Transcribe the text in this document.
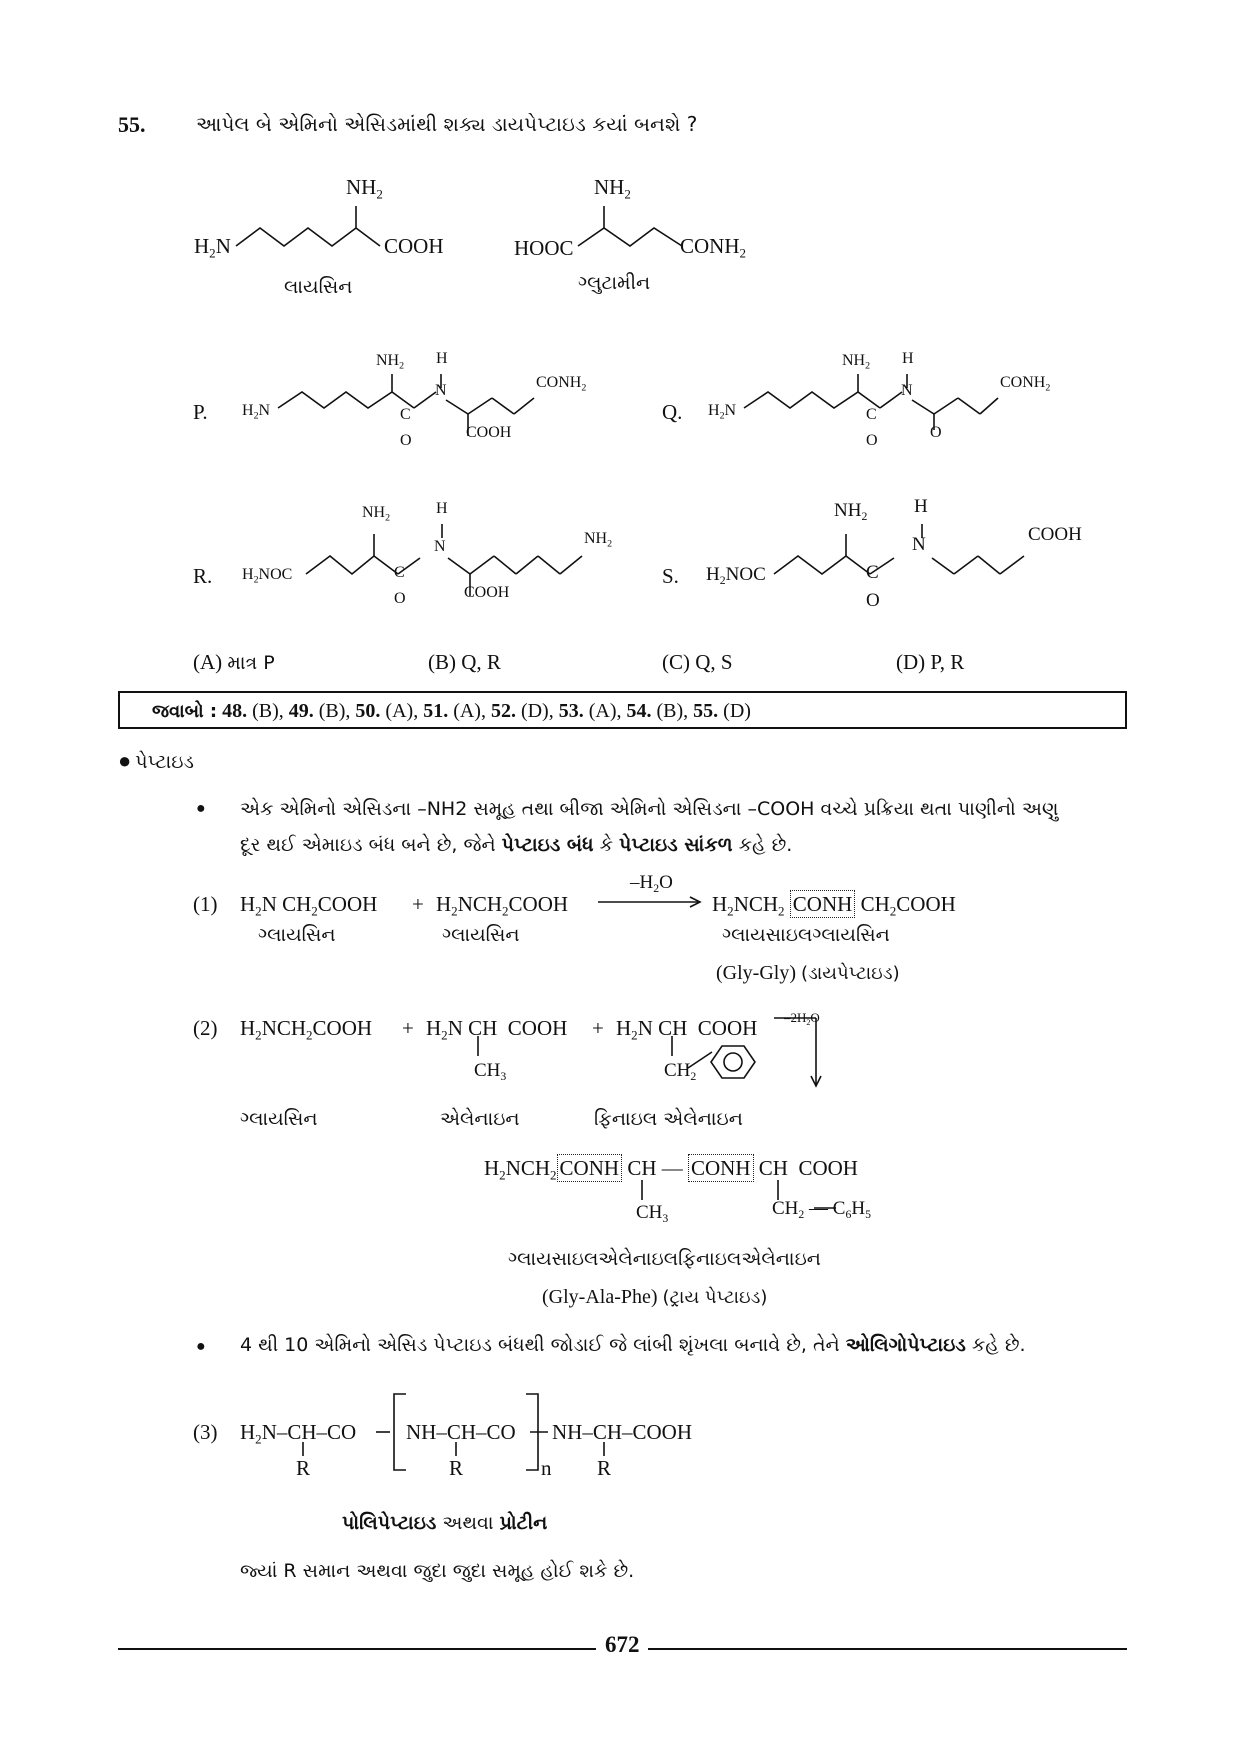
55.	આપેલ બે એમિનો એસિડમાંથી શક્ય ડાયપેપ્ટાઇડ કયાં બનશે ?
$NH_2$
$H_2N$	COOH
લાયસિન
$NH_2$
HOOC	$CONH_2$
ગ્લુટામીન
P. $H_2N$
$NH_2$ H
N
C
O
$CONH_2$
COOH
Q. $H_2N$
$NH_2$ H
N
C
O
$CONH_2$
O
R. $H_2NOC$
$NH_2$
H
N
C
O
$NH_2$
COOH
S. $H_2NOC$
$NH_2$ H
N
C
O
COOH
(A) માત્ર P	(B) Q, R	(C) Q, S	(D) P, R
જવાબો : 48. (B), 49. (B), 50. (A), 51. (A), 52. (D), 53. (A), 54. (B), 55. (D)
● પેપ્ટાઇડ
● એક એમિનો એસિડના –NH2 સમૂહ તથા બીજા એમિનો એસિડના –COOH વચ્ચે પ્રક્રિયા થતા પાણીનો અણુ
દૂર થઈ એમાઇડ બંધ બને છે, જેને પેપ્ટાઇડ બંધ કે પેપ્ટાઇડ સાંકળ કહે છે.
(1) $H_2N$ $CH_2COOH$ + $H_2NCH_2COOH$
$-H_2O$
$H_2NCH_2$ CONH $CH_2COOH$
ગ્લાયસિન	ગ્લાયસિન	ગ્લાયસાઇલગ્લાયસિન
(Gly-Gly) (ડાયપેપ્ટાઇડ)
(2) $H_2NCH_2COOH + H_2N$ CH  COOH + $H_2N$ CH  COOH $-2H_2O$
$CH_3$	$CH_2$
ગ્લાયસિન	એલેનાઇન	ફિનાઇલ એલેનાઇન
$H_2NCH_2$ CONH CH — CONH CH  COOH
$CH_3$	$CH_2$ — $C_6H_5$
ગ્લાયસાઇલએલેનાઇલફિનાઇલએલેનાઇન
(Gly-Ala-Phe) (ટ્રાય પેપ્ટાઇડ)
● 4 થી 10 એમિનો એસિડ પેપ્ટાઇડ બંધથી જોડાઈ જે લાંબી શૃંખલા બનાવે છે, તેને ઓલિગોપેપ્ટાઇડ કહે છે.
(3) $H_2N-CH-CO$ NH–CH–CO NH–CH–COOH
R	R	R
n
પોલિપેપ્ટાઇડ અથવા પ્રોટીન
જ્યાં R સમાન અથવા જુદા જુદા સમૂહ હોઈ શકે છે.
672
